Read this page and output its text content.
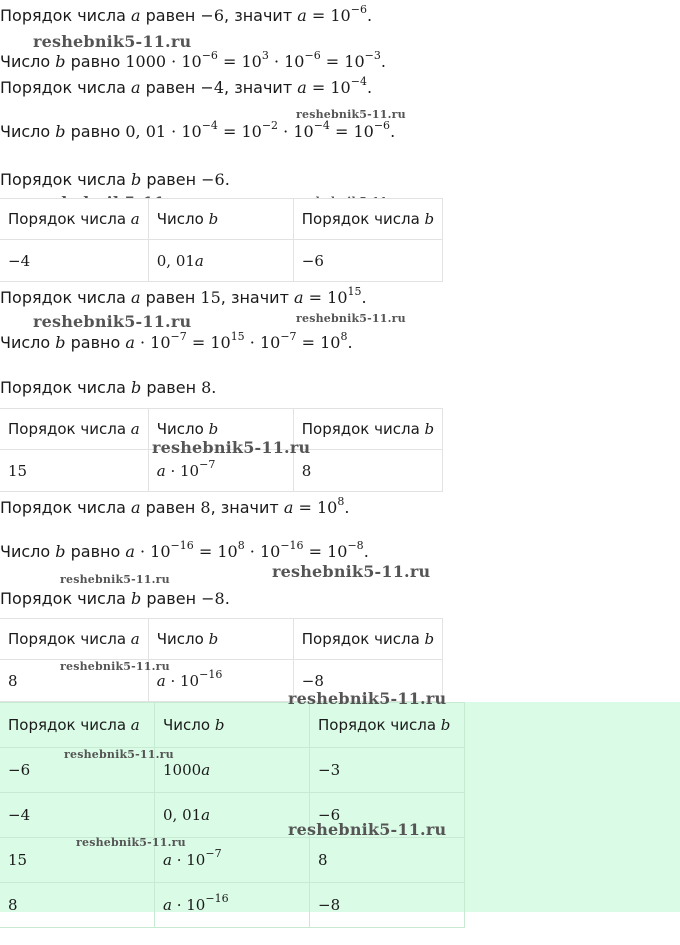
Порядок числа a равен −6, значит $a = 10^{-6}$.
reshebnik5-11.ru
Число b равно $1000 \cdot 10^{-6} = 10^3 \cdot 10^{-6} = 10^{-3}$.
Порядок числа a равен −4, значит $a = 10^{-4}$.
reshebnik5-11.ru
Число b равно 0, $01 \cdot 10^{-4} = 10^{-2} \cdot 10^{-4} = 10^{-6}$.
Порядок числа b равен −6.
Порядок числа a	Число b	Порядок числа b
−4	0, 01a	−6
Порядок числа a равен 15, значит $a = 10^{15}$.
reshebnik5-11.ru	reshebnik5-11.ru
Число b равно $a \cdot 10^{-7} = 10^{15} \cdot 10^{-7} = 10^8$.
Порядок числа b равен 8.
Порядок числа a	Число b	Порядок числа b
15	$a \cdot 10^{-7}$	8
reshebnik5-11.ru
Порядок числа a равен 8, значит $a = 10^8$.
Число b равно $a \cdot 10^{-16} = 10^8 \cdot 10^{-16} = 10^{-8}$.
reshebnik5-11.ru
reshebnik5-11.ru
Порядок числа b равен −8.
Порядок числа a	Число b	Порядок числа b
8	$a \cdot 10^{-16}$	−8
reshebnik5-11.ru
Порядок числа a	Число b	Порядок числа b
−6	1000a	−3
−4	0, 01a	−6
15	$a \cdot 10^{-7}$	8
8	$a \cdot 10^{-16}$	−8
reshebnik5-11.ru
reshebnik5-11.ru
reshebnik5-11.ru
reshebnik5-11.ru
